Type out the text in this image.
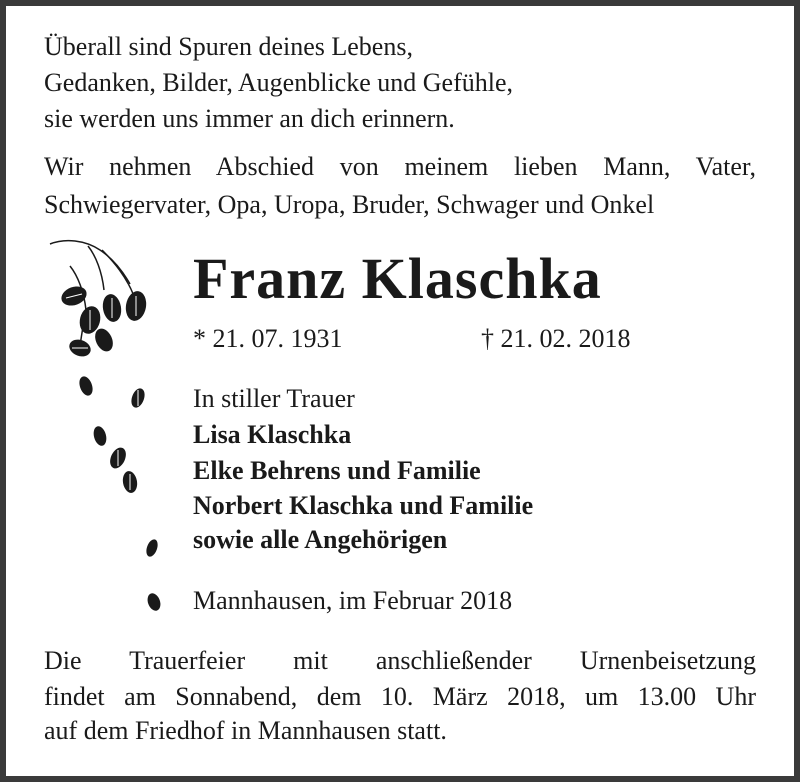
Überall sind Spuren deines Lebens,
Gedanken, Bilder, Augenblicke und Gefühle,
sie werden uns immer an dich erinnern.
Wir nehmen Abschied von meinem lieben Mann, Vater,
Schwiegervater, Opa, Uropa, Bruder, Schwager und Onkel
Franz Klaschka
* 21. 07. 1931	† 21. 02. 2018
In stiller Trauer
Lisa Klaschka
Elke Behrens und Familie
Norbert Klaschka und Familie
sowie alle Angehörigen
Mannhausen, im Februar 2018
Die Trauerfeier mit anschließender Urnenbeisetzung
findet am Sonnabend, dem 10. März 2018, um 13.00 Uhr
auf dem Friedhof in Mannhausen statt.
